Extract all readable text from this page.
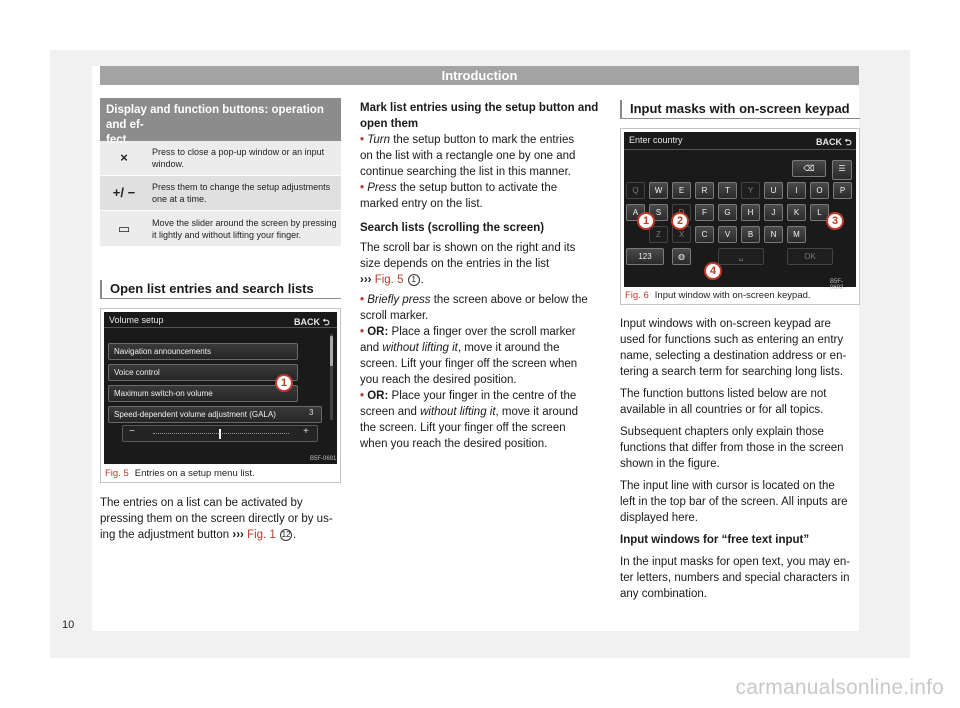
Introduction
Display and function buttons: operation and ef-
fect
×	Press to close a pop-up window or an input window.
+/ −	Press them to change the setup adjustments one at a time.
▭	Move the slider around the screen by pressing it lightly and without lifting your finger.
Open list entries and search lists
Volume setup	BACK ⮌
Navigation announcements
Voice control
Maximum switch-on volume
Speed-dependent volume adjustment (GALA)	3
−	+
1
B5F-0691
Fig. 5 Entries on a setup menu list.
The entries on a list can be activated by
pressing them on the screen directly or by us-
ing the adjustment button ››› Fig. 1 12 .
Mark list entries using the setup button and
open them
• Turn the setup button to mark the entries
on the list with a rectangle one by one and
continue searching the list in this manner.
• Press the setup button to activate the
marked entry on the list.
Search lists (scrolling the screen)
The scroll bar is shown on the right and its
size depends on the entries in the list
››› Fig. 5 1 .
• Briefly press the screen above or below the
scroll marker.
• OR: Place a finger over the scroll marker
and without lifting it, move it around the
screen. Lift your finger off the screen when
you reach the desired position.
• OR: Place your finger in the centre of the
screen and without lifting it, move it around
the screen. Lift your finger off the screen
when you reach the desired position.
Input masks with on-screen keypad
Enter country	BACK ⮌
⌫	☰
Q	W	E	R	T	Y	U	I	O	P
A	S	F	G	H	J	K	L
Z	X	C	V	B	N	M
123	◍	␣	OK
1	2	3
4
B5F-0692
Fig. 6 Input window with on-screen keypad.
Input windows with on-screen keypad are
used for functions such as entering an entry
name, selecting a destination address or en-
tering a search term for searching long lists.
The function buttons listed below are not
available in all countries or for all topics.
Subsequent chapters only explain those
functions that differ from those in the screen
shown in the figure.
The input line with cursor is located on the
left in the top bar of the screen. All inputs are
displayed here.
Input windows for “free text input”
In the input masks for open text, you may en-
ter letters, numbers and special characters in
any combination.
10
carmanualsonline.info
